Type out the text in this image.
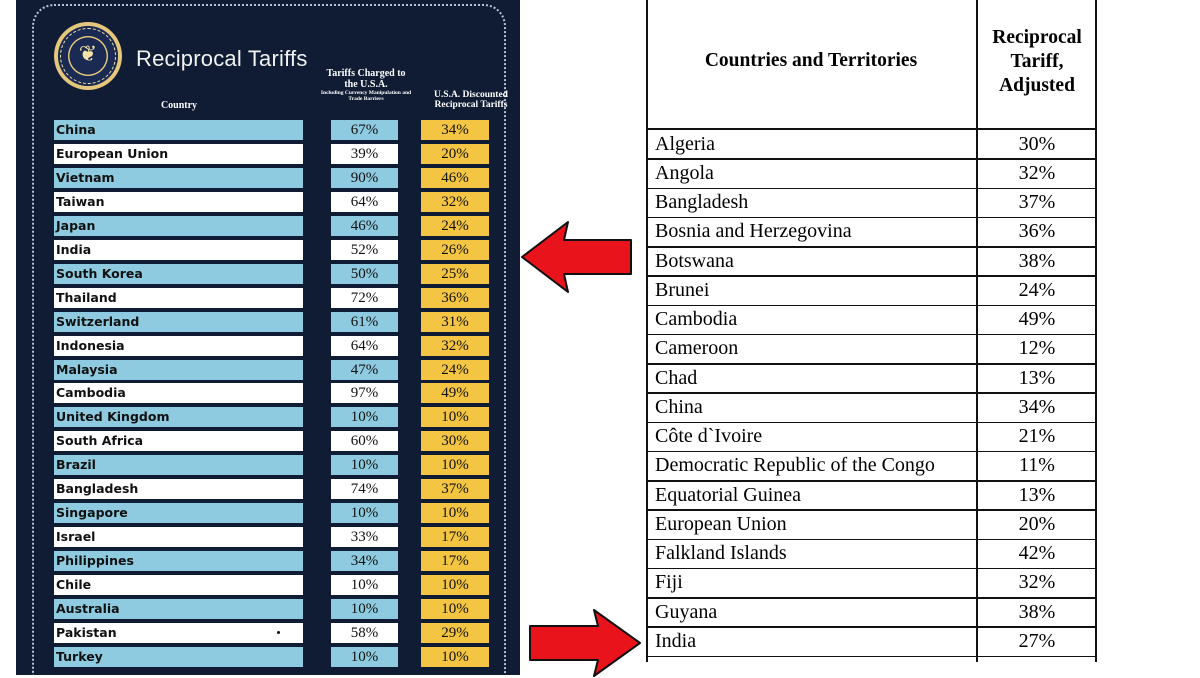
❦	Reciprocal Tariffs
Country
Tariffs Charged to the U.S.A.
Including Currency Manipulation and Trade Barriers	U.S.A. Discounted Reciprocal Tariffs
China	67%	34%
European Union	39%	20%
Vietnam	90%	46%
Taiwan	64%	32%
Japan	46%	24%
India	52%	26%
South Korea	50%	25%
Thailand	72%	36%
Switzerland	61%	31%
Indonesia	64%	32%
Malaysia	47%	24%
Cambodia	97%	49%
United Kingdom	10%	10%
South Africa	60%	30%
Brazil	10%	10%
Bangladesh	74%	37%
Singapore	10%	10%
Israel	33%	17%
Philippines	34%	17%
Chile	10%	10%
Australia	10%	10%
Pakistan	58%	29%
Turkey	10%	10%
Countries and Territories
Reciprocal
Tariff,
Adjusted
Algeria	30%
Angola	32%
Bangladesh	37%
Bosnia and Herzegovina	36%
Botswana	38%
Brunei	24%
Cambodia	49%
Cameroon	12%
Chad	13%
China	34%
Côte d`Ivoire	21%
Democratic Republic of the Congo	11%
Equatorial Guinea	13%
European Union	20%
Falkland Islands	42%
Fiji	32%
Guyana	38%
India	27%
